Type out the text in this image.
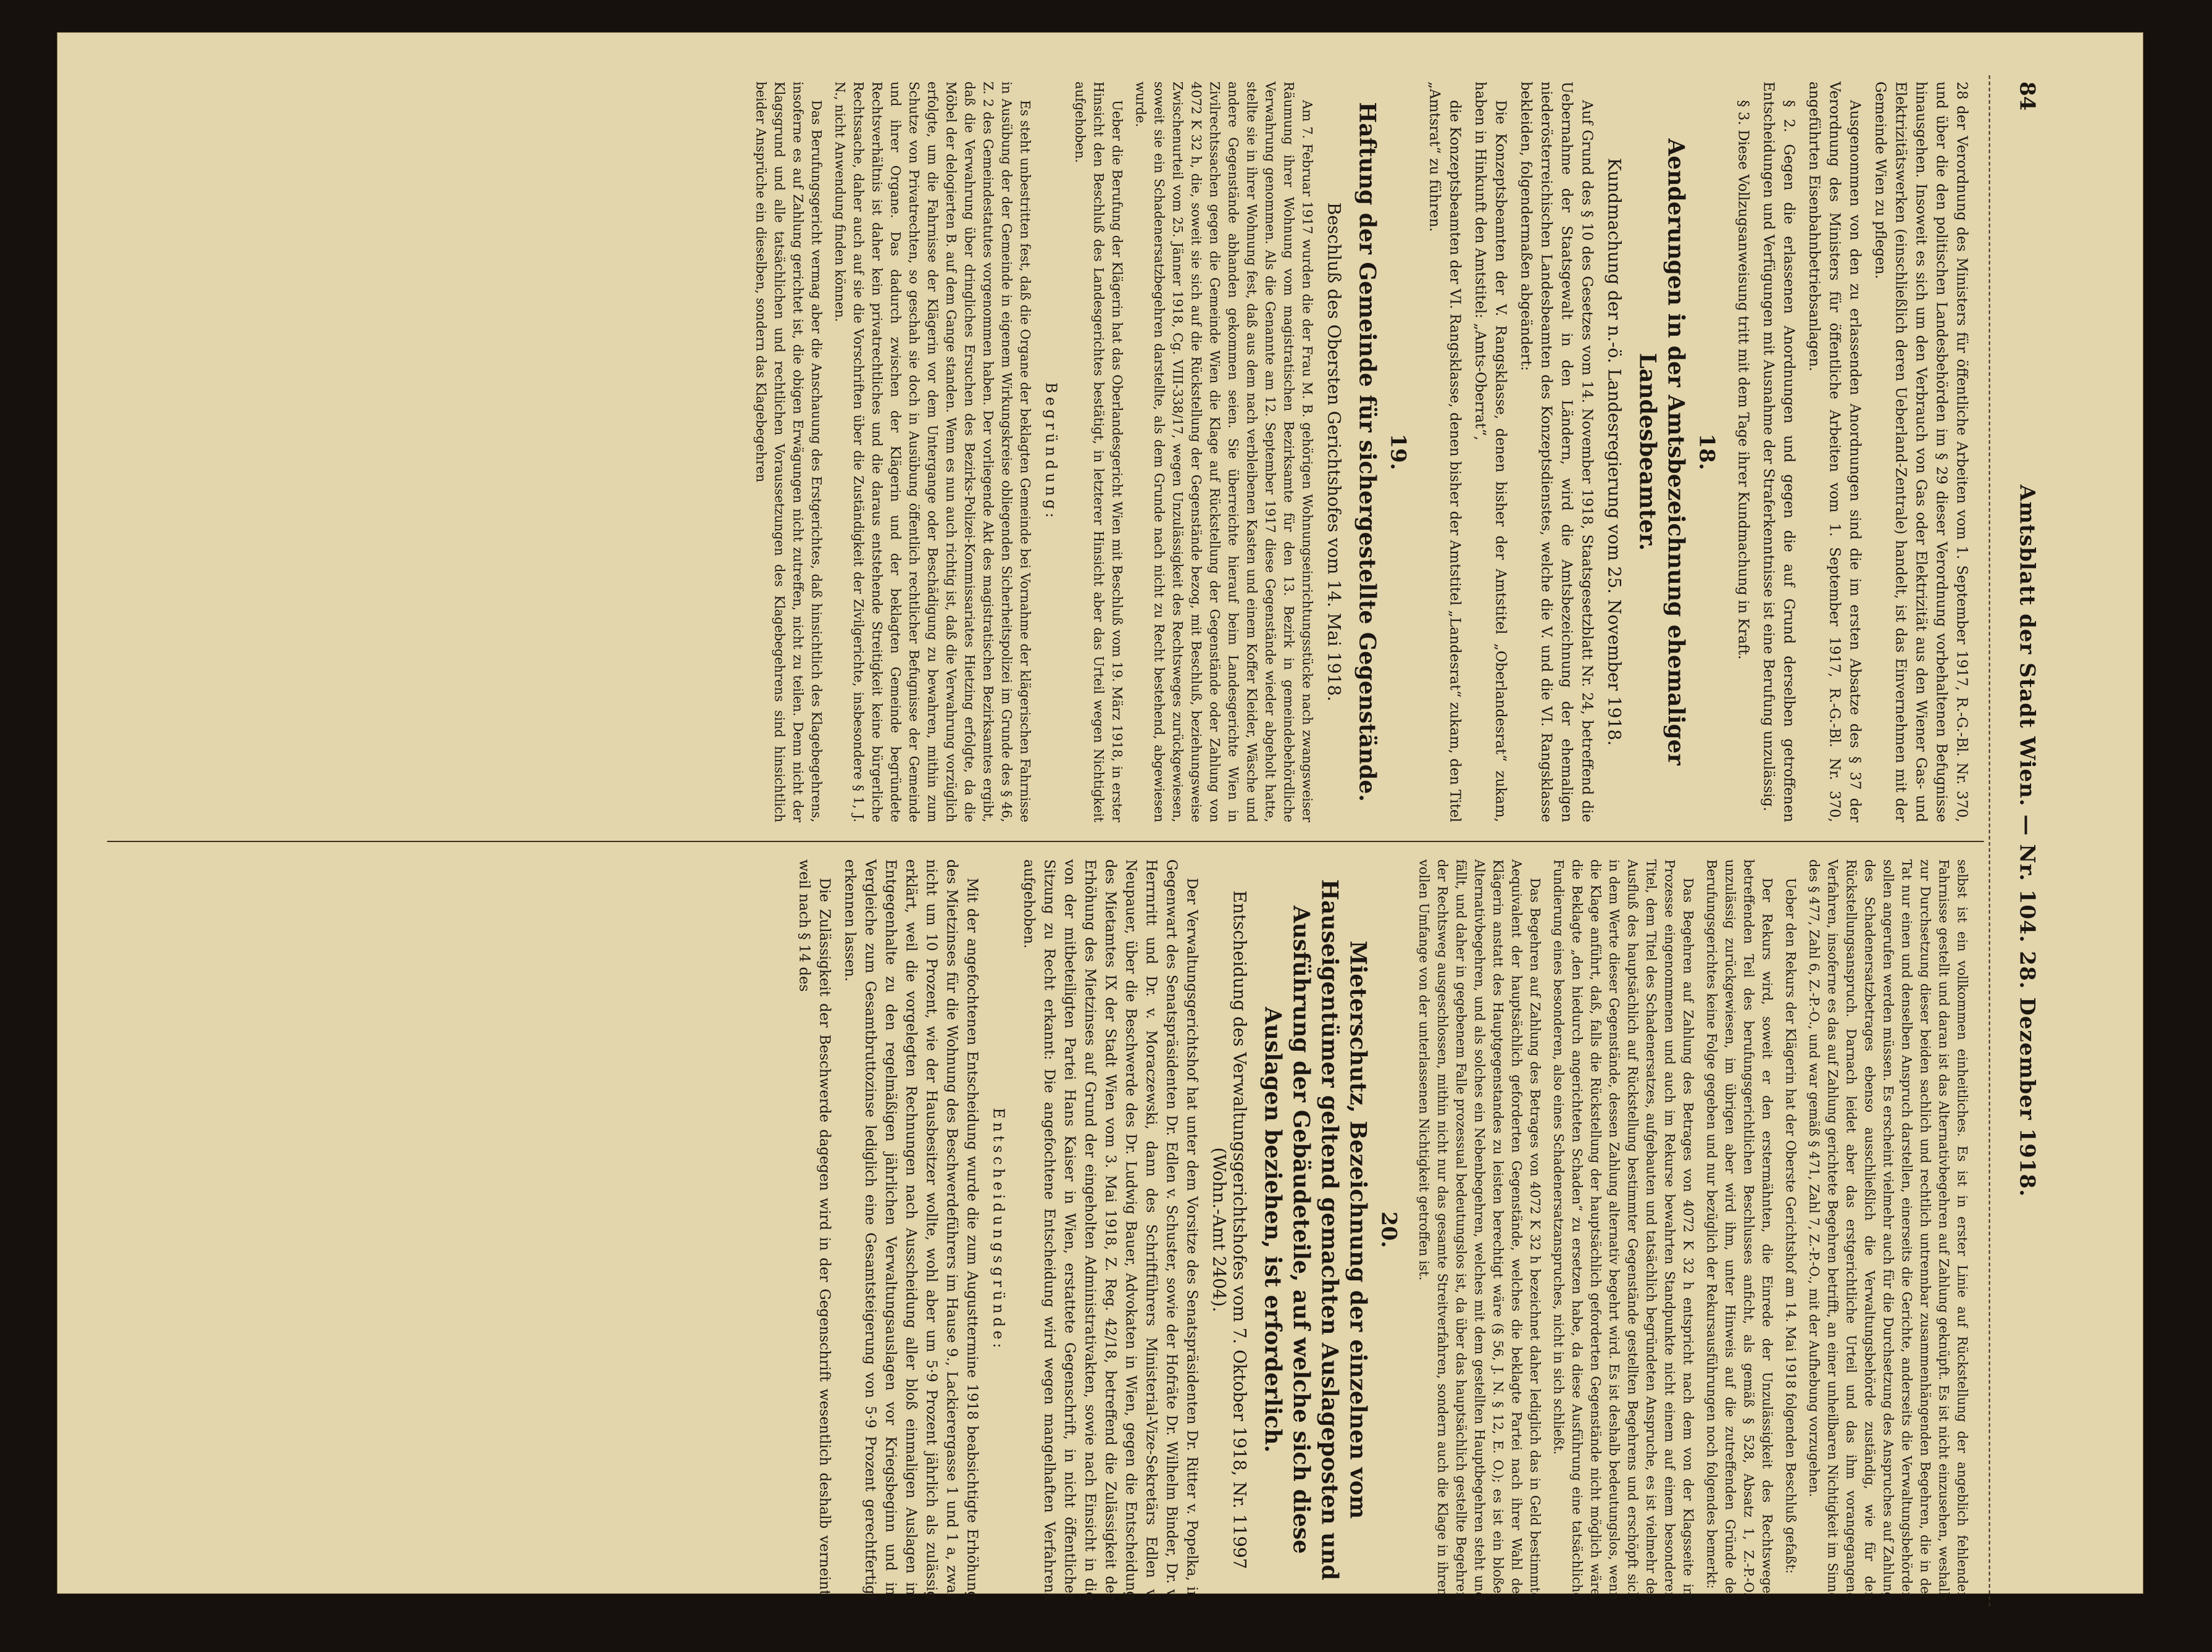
84
Amtsblatt der Stadt Wien. — Nr. 104. 28. Dezember 1918.

28 der Verordnung des Ministers für öffentliche Arbeiten vom 1. September 1917, R.-G.-Bl. Nr. 370, und über die den politischen Landesbehörden im § 29 dieser Verordnung vorbehaltenen Befugnisse hinausgehen. Insoweit es sich um den Verbrauch von Gas oder Elektrizität aus den Wiener Gas- und Elektrizitätswerken (einschließlich deren Ueberland-Zentrale) handelt, ist das Einvernehmen mit der Gemeinde Wien zu pflegen.

Ausgenommen von den zu erlassenden Anordnungen sind die im ersten Absatze des § 37 der Verordnung des Ministers für öffentliche Arbeiten vom 1. September 1917, R.-G.-Bl. Nr. 370, angeführten Eisenbahnbetriebsanlagen.

§ 2. Gegen die erlassenen Anordnungen und gegen die auf Grund derselben getroffenen Entscheidungen und Verfügungen mit Ausnahme der Straferkenntnisse ist eine Berufung unzulässig.

§ 3. Diese Vollzugsanweisung tritt mit dem Tage ihrer Kundmachung in Kraft.

18.
Aenderungen in der Amtsbezeichnung ehemaliger Landesbeamter.
Kundmachung der n.-ö. Landesregierung vom 25. November 1918.

Auf Grund des § 10 des Gesetzes vom 14. November 1918, Staatsgesetzblatt Nr. 24, betreffend die Uebernahme der Staatsgewalt in den Ländern, wird die Amtsbezeichnung der ehemaligen niederösterreichischen Landesbeamten des Konzeptsdienstes, welche die V. und die VI. Rangsklasse bekleiden, folgendermaßen abgeändert:

Die Konzeptsbeamten der V. Rangsklasse, denen bisher der Amtstitel „Oberlandesrat“ zukam, haben in Hinkunft den Amtstitel: „Amts-Oberrat“,

die Konzeptsbeamten der VI. Rangsklasse, denen bisher der Amtstitel „Landesrat“ zukam, den Titel „Amtsrat“ zu führen.

19.
Haftung der Gemeinde für sichergestellte Gegenstände.
Beschluß des Obersten Gerichtshofes vom 14. Mai 1918.

Am 7. Februar 1917 wurden die der Frau M. B. gehörigen Wohnungseinrichtungsstücke nach zwangsweiser Räumung ihrer Wohnung vom magistratischen Bezirksamte für den 13. Bezirk in gemeindebehördliche Verwahrung genommen. Als die Genannte am 12. September 1917 diese Gegenstände wieder abgeholt hatte, stellte sie in ihrer Wohnung fest, daß aus dem nach verbleibenen Kasten und einem Koffer Kleider, Wäsche und andere Gegenstände abhanden gekommen seien. Sie überreichte hierauf beim Landesgerichte Wien in Zivilrechtssachen gegen die Gemeinde Wien die Klage auf Rückstellung der Gegenstände oder Zahlung von 4072 K 32 h, die, soweit sie sich auf die Rückstellung der Gegenstände bezog, mit Beschluß, beziehungsweise Zwischenurteil vom 25. Jänner 1918, Cg. VIII-338/17, wegen Unzulässigkeit des Rechtsweges zurückgewiesen, soweit sie ein Schadenersatzbegehren darstellte, als dem Grunde nach nicht zu Recht bestehend, abgewiesen wurde.

Ueber die Berufung der Klägerin hat das Oberlandesgericht Wien mit Beschluß vom 19. März 1918, in erster Hinsicht den Beschluß des Landesgerichtes bestätigt, in letzterer Hinsicht aber das Urteil wegen Nichtigkeit aufgehoben.

Begründung:

Es steht unbestritten fest, daß die Organe der beklagten Gemeinde bei Vornahme der klägerischen Fahrnisse in Ausübung der der Gemeinde in eigenem Wirkungskreise obliegenden Sicherheitspolizei im Grunde des § 46, Z. 2 des Gemeindestatutes vorgenommen haben. Der vorliegende Akt des magistratischen Bezirksamtes ergibt, daß die Verwahrung über dringliches Ersuchen des Bezirks-Polizei-Kommissariates Hietzing erfolgte, da die Möbel der delogierten B. auf dem Gange standen. Wenn es nun auch richtig ist, daß die Verwahrung vorzüglich erfolgte, um die Fahrnisse der Klägerin vor dem Untergange oder Beschädigung zu bewahren, mithin zum Schutze von Privatrechten, so geschah sie doch in Ausübung öffentlich rechtlicher Befugnisse der Gemeinde und ihrer Organe. Das dadurch zwischen der Klägerin und der beklagten Gemeinde begründete Rechtsverhältnis ist daher kein privatrechtliches und die daraus entstehende Streitigkeit keine bürgerliche Rechtssache, daher auch auf sie die Vorschriften über die Zuständigkeit der Zivilgerichte, insbesondere § 1, J. N., nicht Anwendung finden können.

Das Berufungsgericht vermag aber die Anschauung des Erstgerichtes, daß hinsichtlich des Klagebegehrens, insoferne es auf Zahlung gerichtet ist, die obigen Erwägungen nicht zutreffen, nicht zu teilen. Denn nicht der Klagsgrund und alle tatsächlichen und rechtlichen Voraussetzungen des Klagebegehrens sind hinsichtlich beider Ansprüche ein dieselben, sondern das Klagebegehren

selbst ist ein vollkommen einheitliches. Es ist in erster Linie auf Rückstellung der angeblich fehlenden Fahrnisse gestellt und daran ist das Alternativbegehren auf Zahlung geknüpft. Es ist nicht einzusehen, weshalb zur Durchsetzung dieser beiden sachlich und rechtlich untrennbar zusammenhängenden Begehren, die in der Tat nur einen und denselben Anspruch darstellen, einerseits die Gerichte, anderseits die Verwaltungsbehörden sollen angerufen werden müssen. Es erscheint vielmehr auch für die Durchsetzung des Anspruches auf Zahlung des Schadenersatzbetrages ebenso ausschließlich die Verwaltungsbehörde zuständig, wie für den Rückstellungsanspruch. Darnach leidet aber das erstgerichtliche Urteil und das ihm vorangegangene Verfahren, insoferne es das auf Zahlung gerichtete Begehren betrifft, an einer unheilbaren Nichtigkeit im Sinne des § 477, Zahl 6, Z.-P.-O., und war gemäß § 471, Zahl 7, Z.-P.-O., mit der Aufhebung vorzugehen.

Ueber den Rekurs der Klägerin hat der Oberste Gerichtshof am 14. Mai 1918 folgenden Beschluß gefaßt:

Der Rekurs wird, soweit er den erstermähnten, die Einrede der Unzulässigkeit des Rechtsweges betreffenden Teil des berufungsgerichtlichen Beschlusses anficht, als gemäß § 528, Absatz 1, Z.-P.-O., unzulässig zurückgewiesen, im übrigen aber wird ihm, unter Hinweis auf die zutreffenden Gründe des Berufungsgerichtes keine Folge gegeben und nur bezüglich der Rekursausführungen noch folgendes bemerkt:

Das Begehren auf Zahlung des Betrages von 4072 K 32 h entspricht nach dem von der Klagsseite im Prozesse eingenommenen und auch im Rekurse bewahrten Standpunkte nicht einem auf einem besonderen Titel, dem Titel des Schadenersatzes, aufgebauten und tatsächlich begründeten Anspruche, es ist vielmehr der Ausfluß des hauptsächlich auf Rückstellung bestimmter Gegenstände gestellten Begehrens und erschöpft sich in dem Werte dieser Gegenstände, dessen Zahlung alternativ begehrt wird. Es ist deshalb bedeutungslos, wenn die Klage anführt, daß, falls die Rückstellung der hauptsächlich geforderten Gegenstände nicht möglich wäre, die Beklagte „den hiedurch angerichteten Schaden“ zu ersetzen habe, da diese Ausführung eine tatsächliche Fundierung eines besonderen, also eines Schadenersatzanspruches, nicht in sich schließt.

Das Begehren auf Zahlung des Betrages von 4072 K 32 h bezeichnet daher lediglich das in Geld bestimmte Aequivalent der hauptsächlich geforderten Gegenstände, welches die beklagte Partei nach ihrer Wahl der Klägerin anstatt des Hauptgegenstandes zu leisten berechtigt wäre (§ 56, J. N. § 12, E. O.); es ist ein bloßes Alternativbegehren, und als solches ein Nebenbegehren, welches mit dem gestellten Hauptbegehren steht und fällt, und daher in gegebenem Falle prozessual bedeutungslos ist, da über das hauptsächlich gestellte Begehren der Rechtsweg ausgeschlossen, mithin nicht nur das gesamte Streitverfahren, sondern auch die Klage in ihrem vollen Umfange von der unterlassenen Nichtigkeit getroffen ist.

20.
Mieterschutz, Bezeichnung der einzelnen vom Hauseigentümer geltend gemachten Auslageposten und Ausführung der Gebäudeteile, auf welche sich diese Auslagen beziehen, ist erforderlich.
Entscheidung des Verwaltungsgerichtshofes vom 7. Oktober 1918, Nr. 11997 (Wohn.-Amt 2404).

Der Verwaltungsgerichtshof hat unter dem Vorsitze des Senatspräsidenten Dr. Ritter v. Popelka, in Gegenwart des Senatspräsidenten Dr. Edlen v. Schuster, sowie der Hofräte Dr. Wilhelm Binder, Dr. v. Herrnritt und Dr. v. Moraczewski, dann des Schriftführers Ministerial-Vize-Sekretärs Edlen v. Neupauer, über die Beschwerde des Dr. Ludwig Bauer, Advokaten in Wien, gegen die Entscheidung des Mietamtes IX der Stadt Wien vom 3. Mai 1918, Z. Reg. 42/18, betreffend die Zulässigkeit der Erhöhung des Mietzinses auf Grund der eingeholten Administrativakten, sowie nach Einsicht in die von der mitbeteiligten Partei Hans Kaiser in Wien, erstattete Gegenschrift, in nicht öffentlicher Sitzung zu Recht erkannt: Die angefochtene Entscheidung wird wegen mangelhaften Verfahrens aufgehoben.

Entscheidungsgründe:

Mit der angefochtenen Entscheidung wurde die zum Augusttermine 1918 beabsichtigte Erhöhung des Mietzinses für die Wohnung des Beschwerdeführers im Hause 9., Lackierergasse 1 und 1 a, zwar nicht um 10 Prozent, wie der Hausbesitzer wollte, wohl aber um 5·9 Prozent jährlich als zulässig erklärt, weil die vorgelegten Rechnungen nach Ausscheidung aller bloß einmaligen Auslagen im Entgegenhalte zu den regelmäßigen jährlichen Verwaltungsauslagen vor Kriegsbeginn und im Vergleiche zum Gesamtbruttozinse lediglich eine Gesamtsteigerung von 5·9 Prozent gerechtfertigt erkennen lassen.

Die Zulässigkeit der Beschwerde dagegen wird in der Gegenschrift wesentlich deshalb verneint, weil nach § 14 des
